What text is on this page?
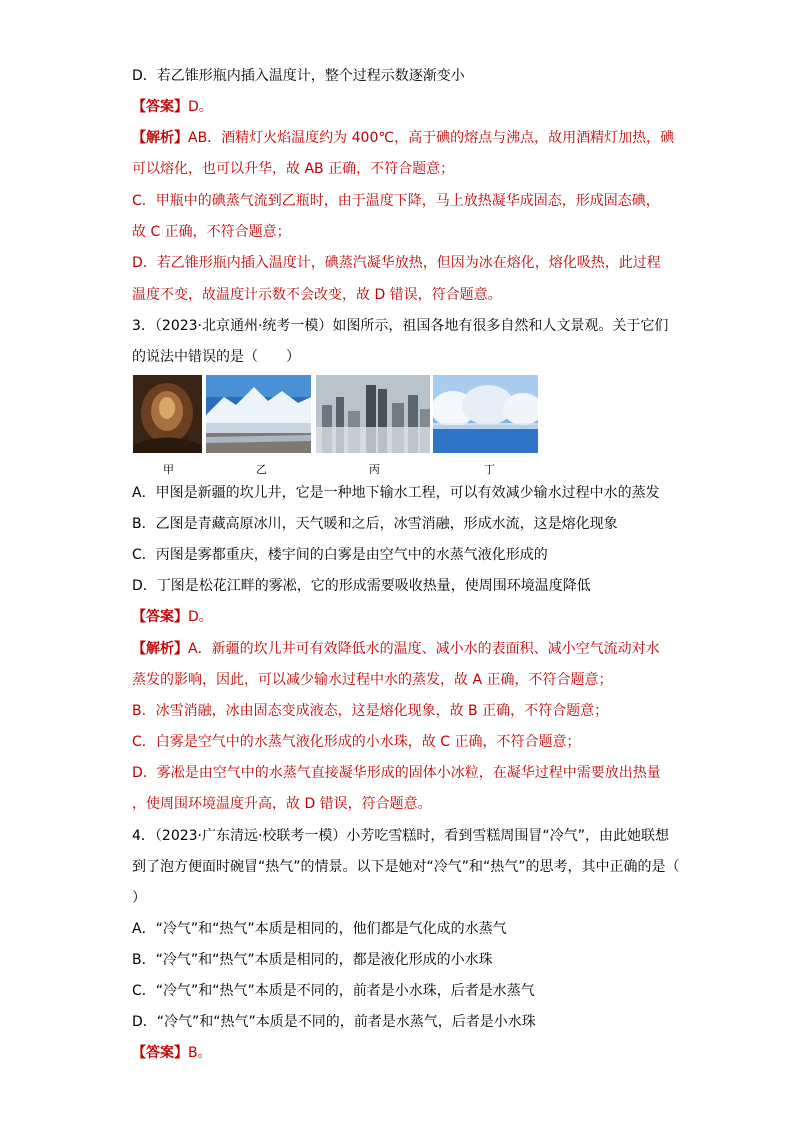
D．若乙锥形瓶内插入温度计，整个过程示数逐渐变小
【答案】D。
【解析】AB．酒精灯火焰温度约为 400℃，高于碘的熔点与沸点，故用酒精灯加热，碘
可以熔化，也可以升华，故 AB 正确，不符合题意；
C．甲瓶中的碘蒸气流到乙瓶时，由于温度下降，马上放热凝华成固态，形成固态碘，
故 C 正确，不符合题意；
D．若乙锥形瓶内插入温度计，碘蒸汽凝华放热，但因为冰在熔化，熔化吸热，此过程
温度不变，故温度计示数不会改变，故 D 错误，符合题意。
3．（2023·北京通州·统考一模）如图所示，祖国各地有很多自然和人文景观。关于它们
的说法中错误的是（　　）
甲	乙	丙	丁
A．甲图是新疆的坎儿井，它是一种地下输水工程，可以有效减少输水过程中水的蒸发
B．乙图是青藏高原冰川，天气暖和之后，冰雪消融，形成水流，这是熔化现象
C．丙图是雾都重庆，楼宇间的白雾是由空气中的水蒸气液化形成的
D．丁图是松花江畔的雾凇，它的形成需要吸收热量，使周围环境温度降低
【答案】D。
【解析】A．新疆的坎儿井可有效降低水的温度、减小水的表面积、减小空气流动对水
蒸发的影响，因此，可以减少输水过程中水的蒸发，故 A 正确，不符合题意；
B．冰雪消融，冰由固态变成液态，这是熔化现象，故 B 正确，不符合题意；
C．白雾是空气中的水蒸气液化形成的小水珠，故 C 正确，不符合题意；
D．雾凇是由空气中的水蒸气直接凝华形成的固体小冰粒，在凝华过程中需要放出热量
，使周围环境温度升高，故 D 错误，符合题意。
4．（2023·广东清远·校联考一模）小芳吃雪糕时，看到雪糕周围冒“冷气”，由此她联想
到了泡方便面时碗冒“热气”的情景。以下是她对“冷气”和“热气”的思考，其中正确的是（
）
A．“冷气”和“热气”本质是相同的，他们都是气化成的水蒸气
B．“冷气”和“热气”本质是相同的，都是液化形成的小水珠
C．“冷气”和“热气”本质是不同的，前者是小水珠，后者是水蒸气
D．“冷气”和“热气”本质是不同的，前者是水蒸气，后者是小水珠
【答案】B。
